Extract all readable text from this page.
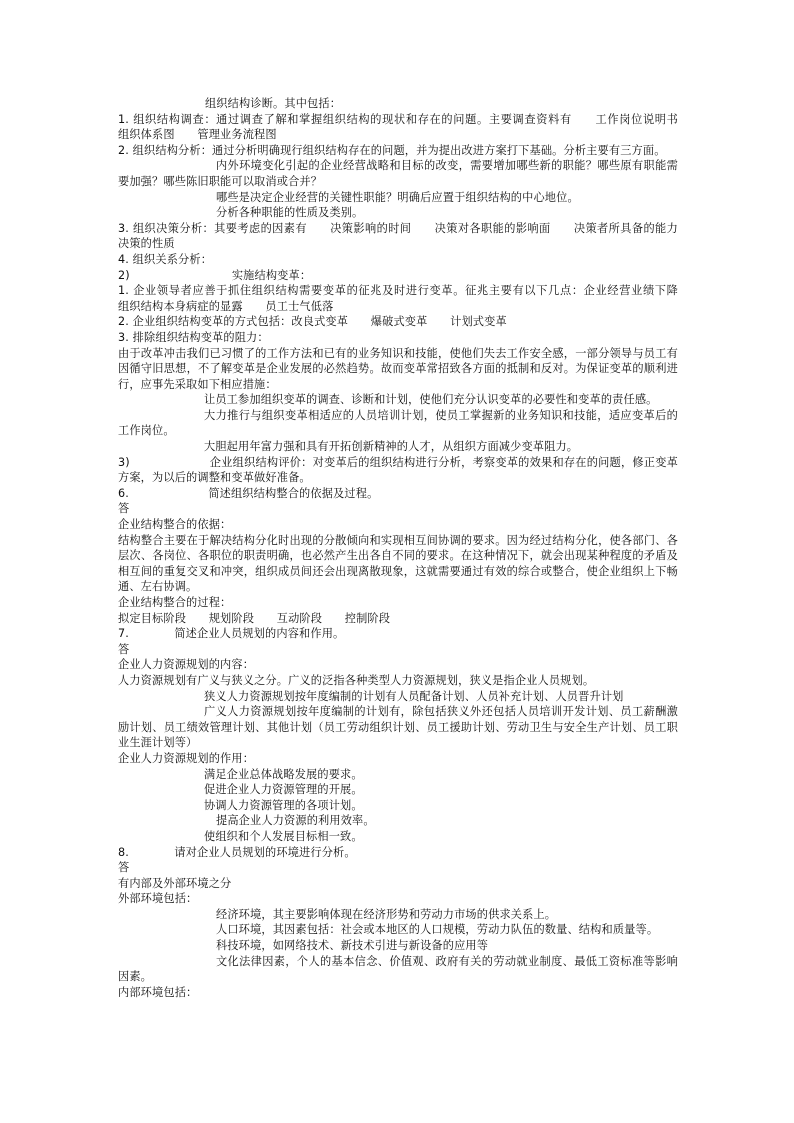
组织结构诊断。其中包括：
1. 组织结构调查：通过调查了解和掌握组织结构的现状和存在的问题。主要调查资料有　　工作岗位说明书　　组织体系图　　管理业务流程图
2. 组织结构分析：通过分析明确现行组织结构存在的问题，并为提出改进方案打下基础。分析主要有三方面。
内外环境变化引起的企业经营战略和目标的改变，需要增加哪些新的职能？哪些原有职能需要加强？哪些陈旧职能可以取消或合并？
哪些是决定企业经营的关键性职能？明确后应置于组织结构的中心地位。
分析各种职能的性质及类别。
3. 组织决策分析：其要考虑的因素有　　决策影响的时间　　决策对各职能的影响面　　决策者所具备的能力　　决策的性质
4. 组织关系分析：
2)　　　　　　　　　实施结构变革：
1. 企业领导者应善于抓住组织结构需要变革的征兆及时进行变革。征兆主要有以下几点：企业经营业绩下降　　组织结构本身病症的显露　　员工士气低落
2. 企业组织结构变革的方式包括：改良式变革　　爆破式变革　　计划式变革
3. 排除组织结构变革的阻力：
由于改革冲击我们已习惯了的工作方法和已有的业务知识和技能，使他们失去工作安全感，一部分领导与员工有因循守旧思想，不了解变革是企业发展的必然趋势。故而变革常招致各方面的抵制和反对。为保证变革的顺利进行，应事先采取如下相应措施：
让员工参加组织变革的调查、诊断和计划，使他们充分认识变革的必要性和变革的责任感。
大力推行与组织变革相适应的人员培训计划，使员工掌握新的业务知识和技能，适应变革后的工作岗位。
大胆起用年富力强和具有开拓创新精神的人才，从组织方面减少变革阻力。
3)　　　　　　　企业组织结构评价：对变革后的组织结构进行分析，考察变革的效果和存在的问题，修正变革方案，为以后的调整和变革做好准备。
6.　　　　　　　简述组织结构整合的依据及过程。
答
企业结构整合的依据：
结构整合主要在于解决结构分化时出现的分散倾向和实现相互间协调的要求。因为经过结构分化，使各部门、各层次、各岗位、各职位的职责明确，也必然产生出各自不同的要求。在这种情况下，就会出现某种程度的矛盾及相互间的重复交叉和冲突，组织成员间还会出现离散现象，这就需要通过有效的综合或整合，使企业组织上下畅通、左右协调。
企业结构整合的过程：
拟定目标阶段　　规划阶段　　互动阶段　　控制阶段
7.　　　　简述企业人员规划的内容和作用。
答
企业人力资源规划的内容：
人力资源规划有广义与狭义之分。广义的泛指各种类型人力资源规划，狭义是指企业人员规划。
狭义人力资源规划按年度编制的计划有人员配备计划、人员补充计划、人员晋升计划
广义人力资源规划按年度编制的计划有，除包括狭义外还包括人员培训开发计划、员工薪酬激励计划、员工绩效管理计划、其他计划（员工劳动组织计划、员工援助计划、劳动卫生与安全生产计划、员工职业生涯计划等）
企业人力资源规划的作用：
满足企业总体战略发展的要求。
促进企业人力资源管理的开展。
协调人力资源管理的各项计划。
提高企业人力资源的利用效率。
使组织和个人发展目标相一致。
8.　　　　请对企业人员规划的环境进行分析。
答
有内部及外部环境之分
外部环境包括：
经济环境，其主要影响体现在经济形势和劳动力市场的供求关系上。
人口环境，其因素包括：社会或本地区的人口规模，劳动力队伍的数量、结构和质量等。
科技环境，如网络技术、新技术引进与新设备的应用等
文化法律因素，个人的基本信念、价值观、政府有关的劳动就业制度、最低工资标准等影响因素。
内部环境包括：
